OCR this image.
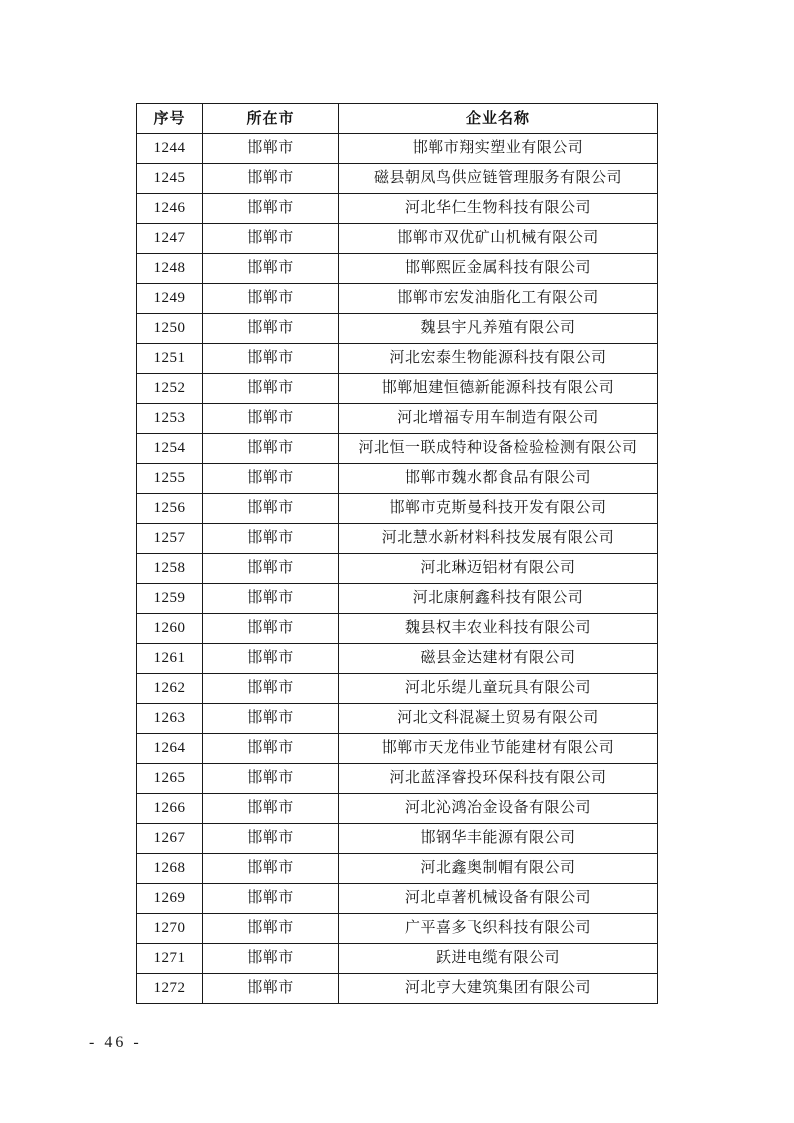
序号	所在市	企业名称
1244	邯郸市	邯郸市翔实塑业有限公司
1245	邯郸市	磁县朝凤鸟供应链管理服务有限公司
1246	邯郸市	河北华仁生物科技有限公司
1247	邯郸市	邯郸市双优矿山机械有限公司
1248	邯郸市	邯郸熙匠金属科技有限公司
1249	邯郸市	邯郸市宏发油脂化工有限公司
1250	邯郸市	魏县宇凡养殖有限公司
1251	邯郸市	河北宏泰生物能源科技有限公司
1252	邯郸市	邯郸旭建恒德新能源科技有限公司
1253	邯郸市	河北增福专用车制造有限公司
1254	邯郸市	河北恒一联成特种设备检验检测有限公司
1255	邯郸市	邯郸市魏水都食品有限公司
1256	邯郸市	邯郸市克斯曼科技开发有限公司
1257	邯郸市	河北慧水新材料科技发展有限公司
1258	邯郸市	河北琳迈铝材有限公司
1259	邯郸市	河北康舸鑫科技有限公司
1260	邯郸市	魏县权丰农业科技有限公司
1261	邯郸市	磁县金达建材有限公司
1262	邯郸市	河北乐缇儿童玩具有限公司
1263	邯郸市	河北文科混凝土贸易有限公司
1264	邯郸市	邯郸市天龙伟业节能建材有限公司
1265	邯郸市	河北蓝泽睿投环保科技有限公司
1266	邯郸市	河北沁鸿冶金设备有限公司
1267	邯郸市	邯钢华丰能源有限公司
1268	邯郸市	河北鑫奥制帽有限公司
1269	邯郸市	河北卓著机械设备有限公司
1270	邯郸市	广平喜多飞织科技有限公司
1271	邯郸市	跃进电缆有限公司
1272	邯郸市	河北亨大建筑集团有限公司
- 46 -
